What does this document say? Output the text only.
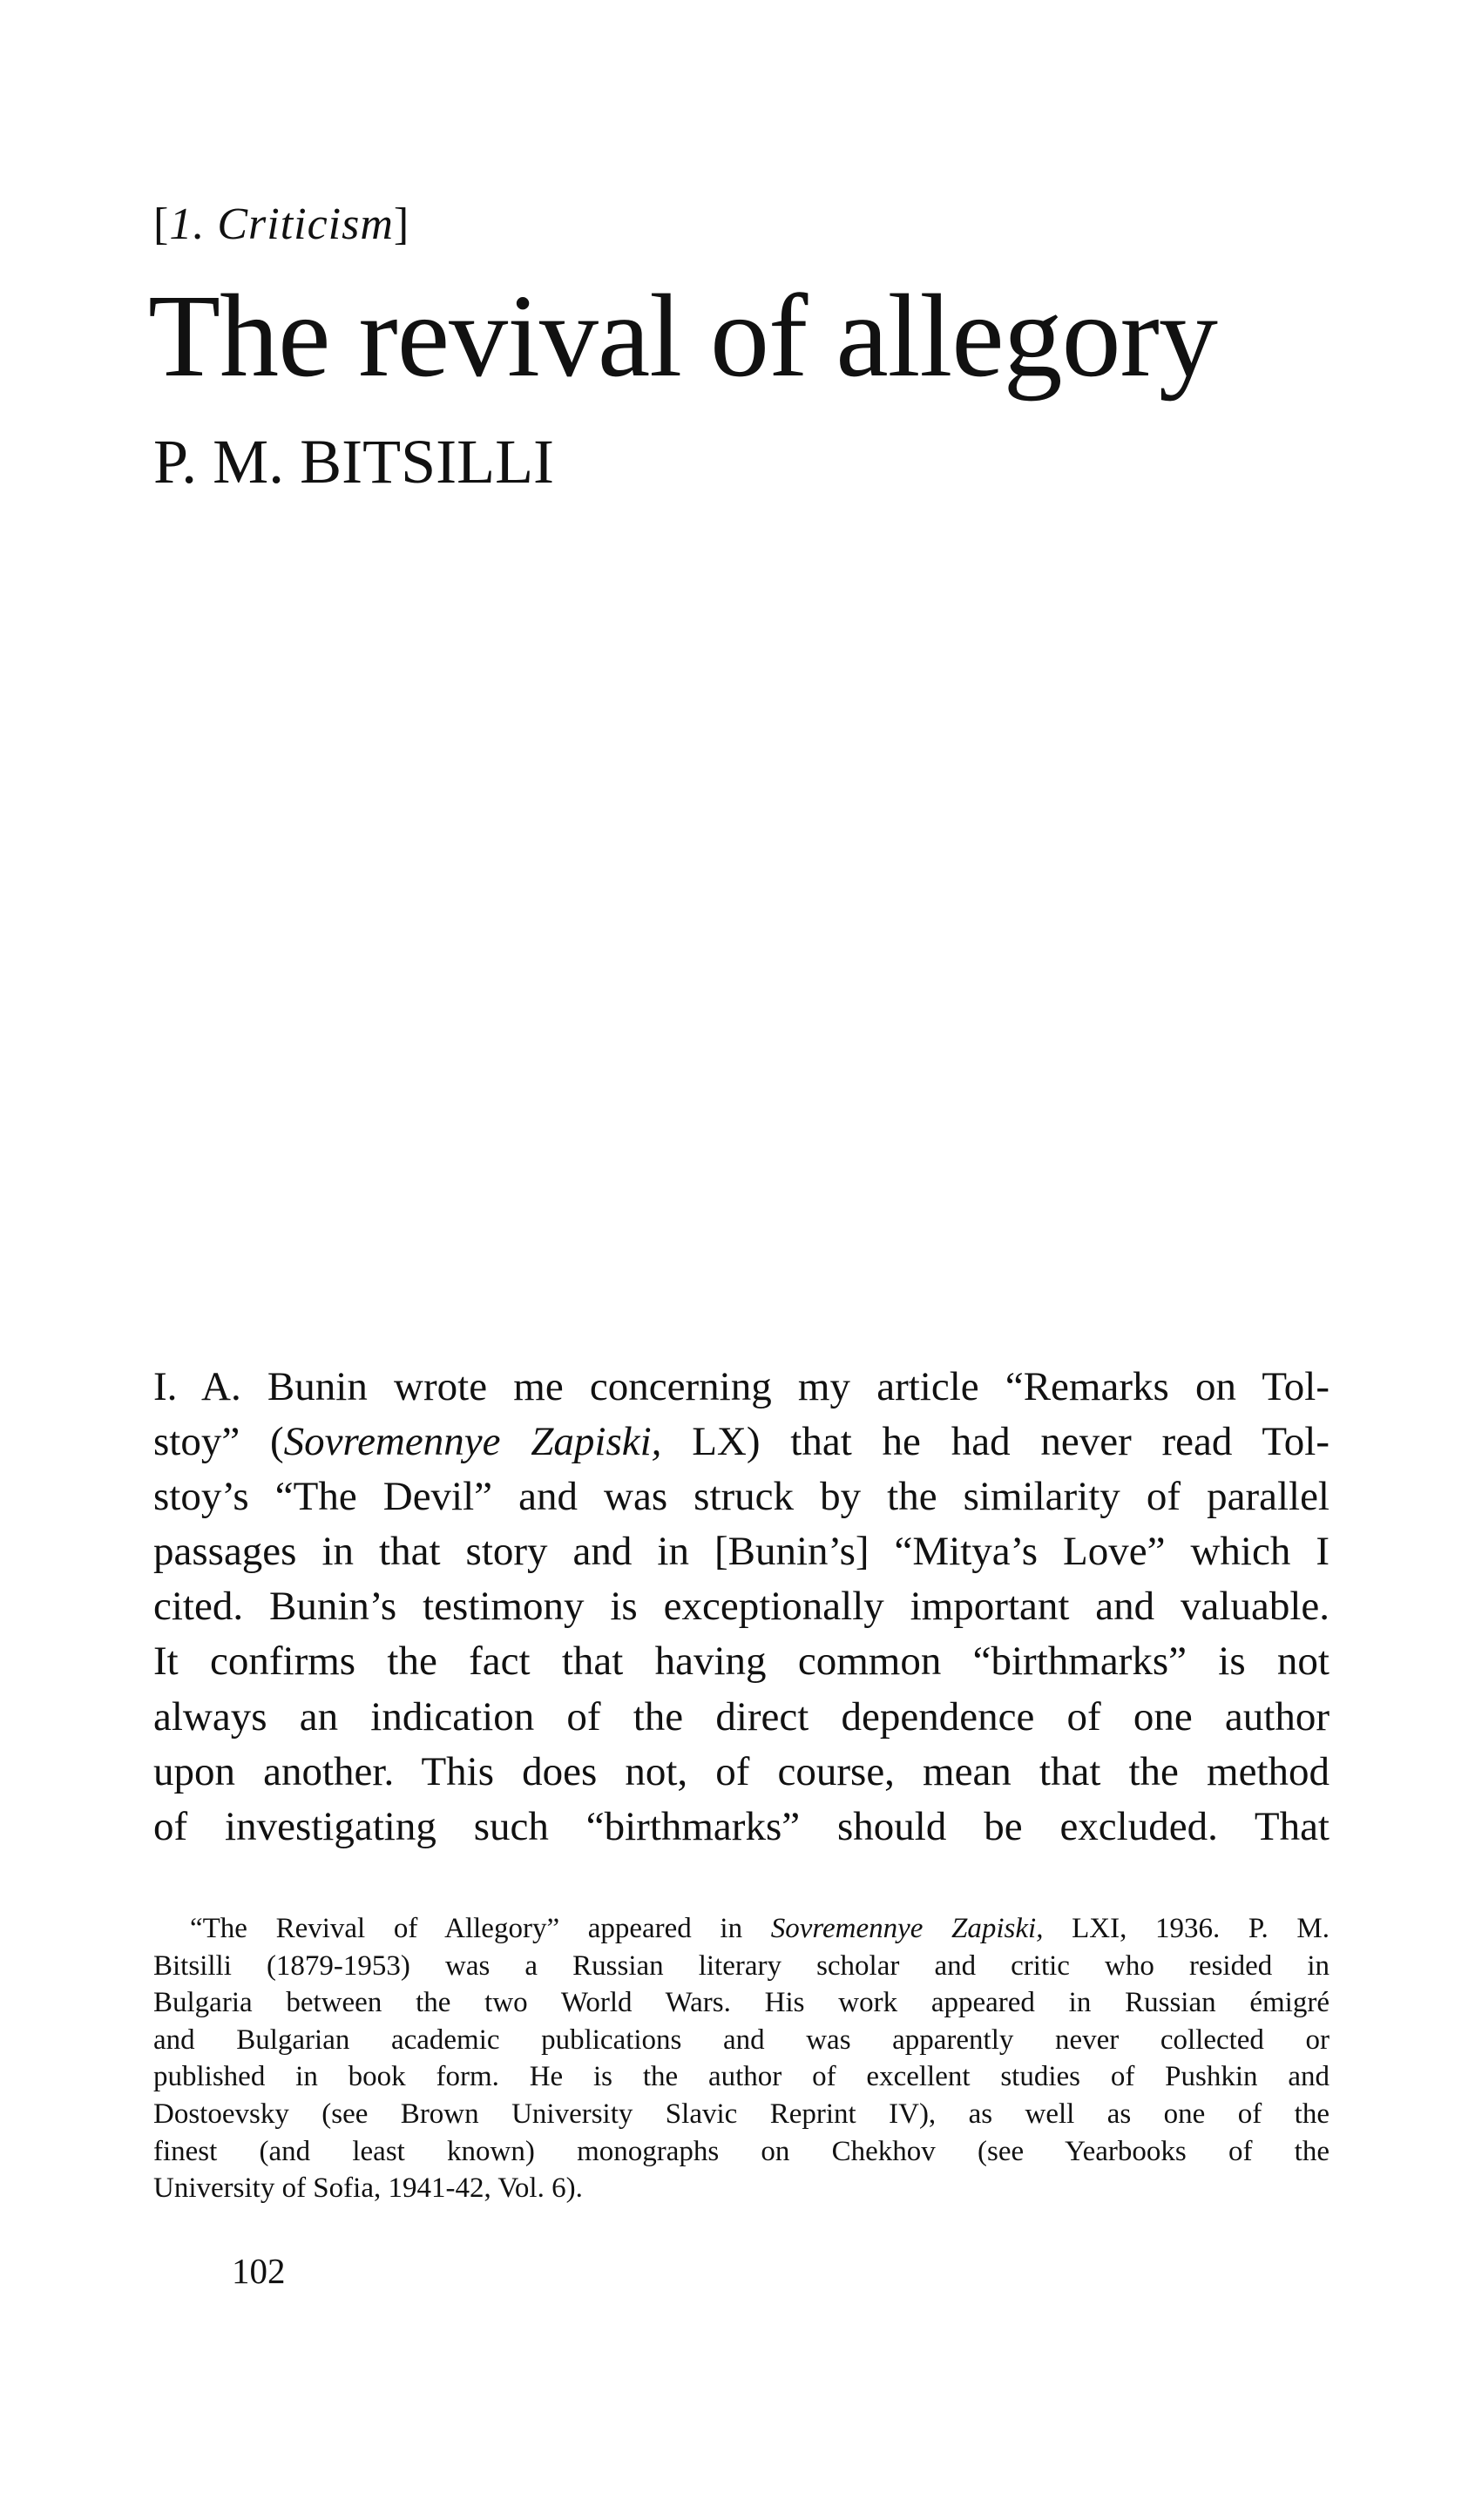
[1. Criticism]
The revival of allegory
P. M. BITSILLI
I. A. Bunin wrote me concerning my article “Remarks on Tol-
stoy” (Sovremennye Zapiski, LX) that he had never read Tol-
stoy’s “The Devil” and was struck by the similarity of parallel
passages in that story and in [Bunin’s] “Mitya’s Love” which I
cited. Bunin’s testimony is exceptionally important and valuable.
It confirms the fact that having common “birthmarks” is not
always an indication of the direct dependence of one author
upon another. This does not, of course, mean that the method
of investigating such “birthmarks” should be excluded. That
“The Revival of Allegory” appeared in Sovremennye Zapiski, LXI, 1936. P. M.
Bitsilli (1879-1953) was a Russian literary scholar and critic who resided in
Bulgaria between the two World Wars. His work appeared in Russian émigré
and Bulgarian academic publications and was apparently never collected or
published in book form. He is the author of excellent studies of Pushkin and
Dostoevsky (see Brown University Slavic Reprint IV), as well as one of the
finest (and least known) monographs on Chekhov (see Yearbooks of the
University of Sofia, 1941-42, Vol. 6).
102
